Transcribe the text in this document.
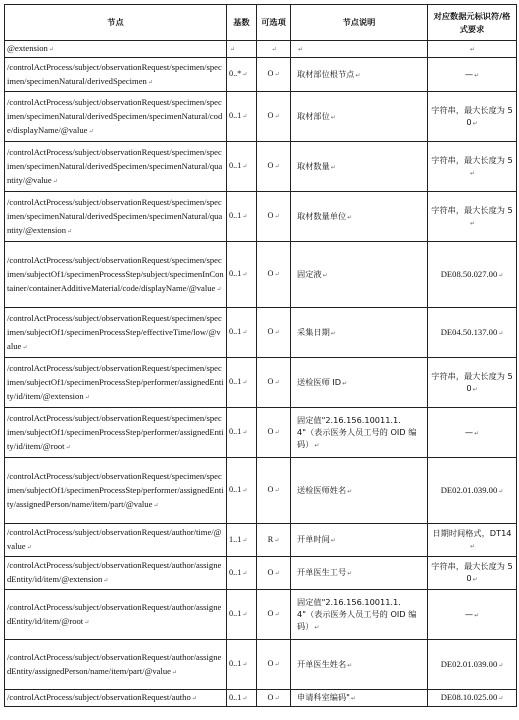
节点	基数	可选项	节点说明	对应数据元标识符/格式要求
@extension↵	↵	↵	↵	↵
/controlActProcess/subject/observationRequest/specimen/specimen/specimenNatural/derivedSpecimen↵	0..*↵	O↵	取材部位根节点↵	—↵
/controlActProcess/subject/observationRequest/specimen/specimen/specimenNatural/derivedSpecimen/specimenNatural/code/displayName/@value↵	0..1↵	O↵	取材部位↵	字符串，最大长度为 50↵
/controlActProcess/subject/observationRequest/specimen/specimen/specimenNatural/derivedSpecimen/specimenNatural/quantity/@value↵	0..1↵	O↵	取材数量↵	字符串，最大长度为 5↵
/controlActProcess/subject/observationRequest/specimen/specimen/specimenNatural/derivedSpecimen/specimenNatural/quantity/@extension↵	0..1↵	O↵	取材数量单位↵	字符串，最大长度为 5↵
/controlActProcess/subject/observationRequest/specimen/specimen/subjectOf1/specimenProcessStep/subject/specimenInContainer/containerAdditiveMaterial/code/displayName/@value↵	0..1↵	O↵	固定液↵	DE08.50.027.00↵
/controlActProcess/subject/observationRequest/specimen/specimen/subjectOf1/specimenProcessStep/effectiveTime/low/@value↵	0..1↵	O↵	采集日期↵	DE04.50.137.00↵
/controlActProcess/subject/observationRequest/specimen/specimen/subjectOf1/specimenProcessStep/performer/assignedEntity/id/item/@extension↵	0..1↵	O↵	送检医师 ID↵	字符串，最大长度为 50↵
/controlActProcess/subject/observationRequest/specimen/specimen/subjectOf1/specimenProcessStep/performer/assignedEntity/id/item/@root↵	0..1↵	O↵	固定值"2.16.156.10011.1.4"（表示医务人员工号的 OID 编码）↵	—↵
/controlActProcess/subject/observationRequest/specimen/specimen/subjectOf1/specimenProcessStep/performer/assignedEntity/assignedPerson/name/item/part/@value↵	0..1↵	O↵	送检医师姓名↵	DE02.01.039.00↵
/controlActProcess/subject/observationRequest/author/time/@value↵	1..1↵	R↵	开单时间↵	日期时间格式，DT14↵
/controlActProcess/subject/observationRequest/author/assignedEntity/id/item/@extension↵	0..1↵	O↵	开单医生工号↵	字符串，最大长度为 50↵
/controlActProcess/subject/observationRequest/author/assignedEntity/id/item/@root↵	0..1↵	O↵	固定值"2.16.156.10011.1.4"（表示医务人员工号的 OID 编码）↵	—↵
/controlActProcess/subject/observationRequest/author/assignedEntity/assignedPerson/name/item/part/@value↵	0..1↵	O↵	开单医生姓名↵	DE02.01.039.00↵
/controlActProcess/subject/observationRequest/autho↵	0..1↵	O↵	申请科室编码"↵	DE08.10.025.00↵
